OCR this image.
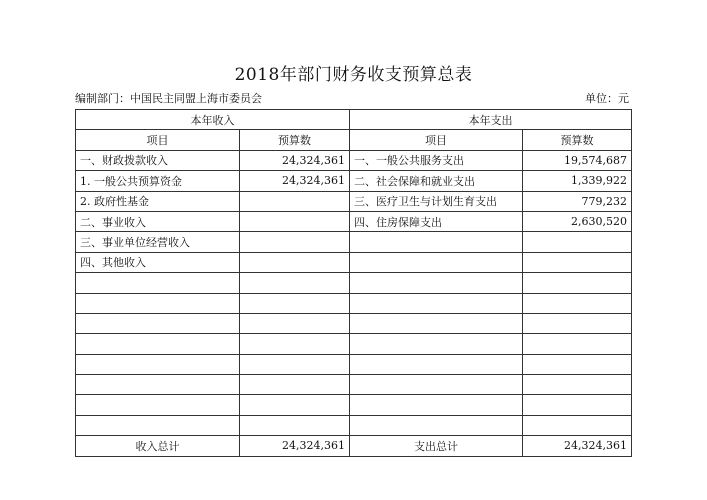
2018年部门财务收支预算总表
编制部门：中国民主同盟上海市委员会	单位：元
本年收入		本年支出	
项目	预算数	项目	预算数
一、财政拨款收入	24,324,361	一、一般公共服务支出	19,574,687
1. 一般公共预算资金	24,324,361	二、社会保障和就业支出	1,339,922
2. 政府性基金		三、医疗卫生与计划生育支出	779,232
二、事业收入		四、住房保障支出	2,630,520
三、事业单位经营收入			
四、其他收入			

收入总计	24,324,361	支出总计	24,324,361
